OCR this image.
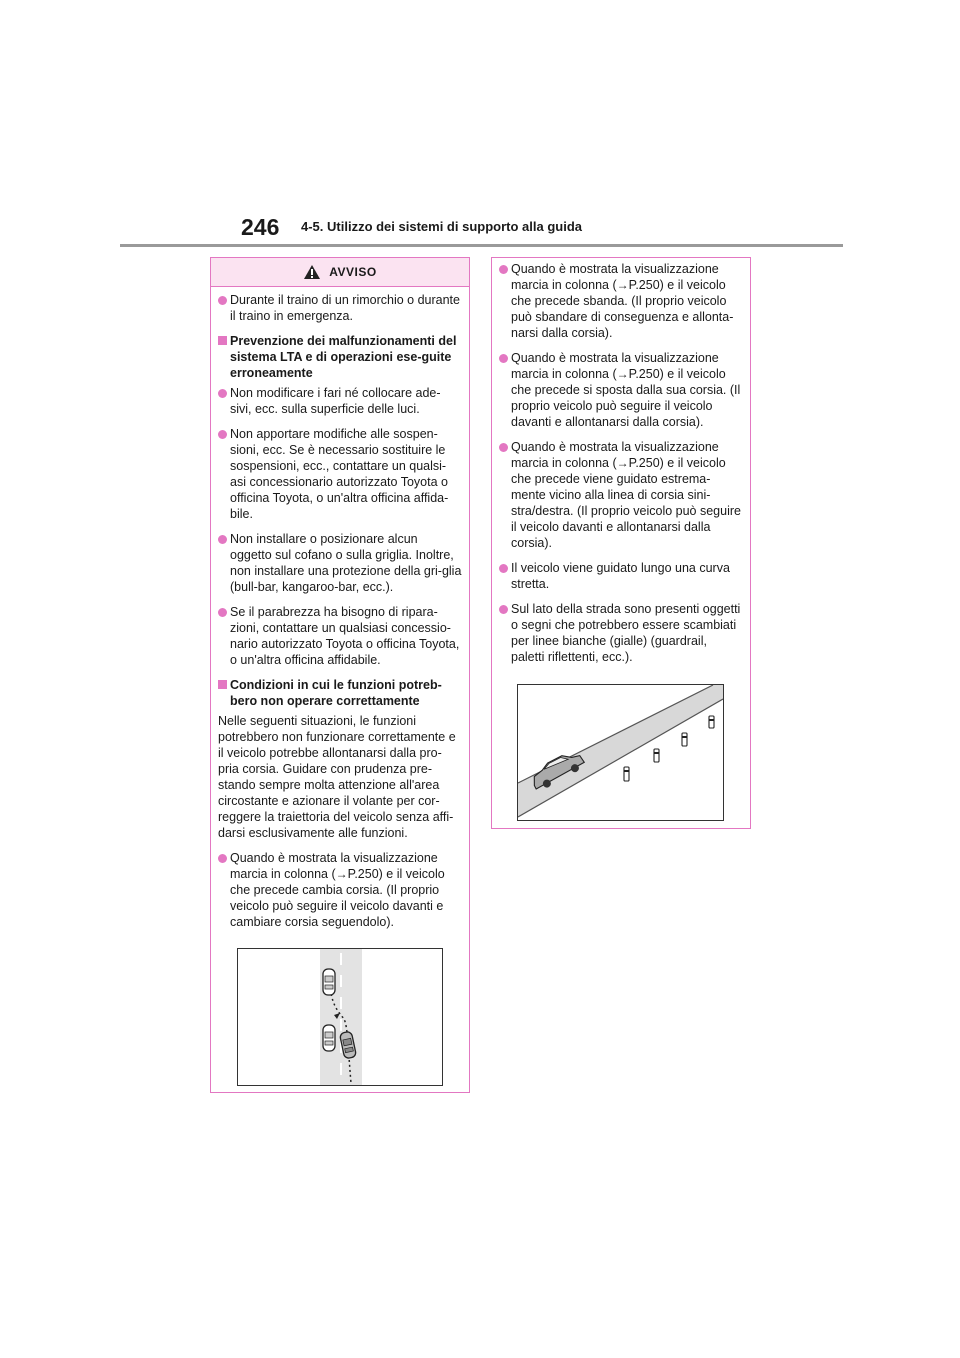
246 4-5. Utilizzo dei sistemi di supporto alla guida
AVVISO
Durante il traino di un rimorchio o durante il traino in emergenza.
Prevenzione dei malfunzionamenti del sistema LTA e di operazioni ese-guite erroneamente
Non modificare i fari né collocare ade-sivi, ecc. sulla superficie delle luci.
Non apportare modifiche alle sospen-sioni, ecc. Se è necessario sostituire le sospensioni, ecc., contattare un qualsi-asi concessionario autorizzato Toyota o officina Toyota, o un'altra officina affida-bile.
Non installare o posizionare alcun oggetto sul cofano o sulla griglia. Inoltre, non installare una protezione della gri-glia (bull-bar, kangaroo-bar, ecc.).
Se il parabrezza ha bisogno di ripara-zioni, contattare un qualsiasi concessio-nario autorizzato Toyota o officina Toyota, o un'altra officina affidabile.
Condizioni in cui le funzioni potreb-bero non operare correttamente
Nelle seguenti situazioni, le funzioni potrebbero non funzionare correttamente e il veicolo potrebbe allontanarsi dalla pro-pria corsia. Guidare con prudenza pre-stando sempre molta attenzione all'area circostante e azionare il volante per cor-reggere la traiettoria del veicolo senza affi-darsi esclusivamente alle funzioni.
Quando è mostrata la visualizzazione marcia in colonna (→P.250) e il veicolo che precede cambia corsia. (Il proprio veicolo può seguire il veicolo davanti e cambiare corsia seguendolo).
Quando è mostrata la visualizzazione marcia in colonna (→P.250) e il veicolo che precede sbanda. (Il proprio veicolo può sbandare di conseguenza e allonta-narsi dalla corsia).
Quando è mostrata la visualizzazione marcia in colonna (→P.250) e il veicolo che precede si sposta dalla sua corsia. (Il proprio veicolo può seguire il veicolo davanti e allontanarsi dalla corsia).
Quando è mostrata la visualizzazione marcia in colonna (→P.250) e il veicolo che precede viene guidato estrema-mente vicino alla linea di corsia sini-stra/destra. (Il proprio veicolo può seguire il veicolo davanti e allontanarsi dalla corsia).
Il veicolo viene guidato lungo una curva stretta.
Sul lato della strada sono presenti oggetti o segni che potrebbero essere scambiati per linee bianche (gialle) (guardrail, paletti riflettenti, ecc.).
